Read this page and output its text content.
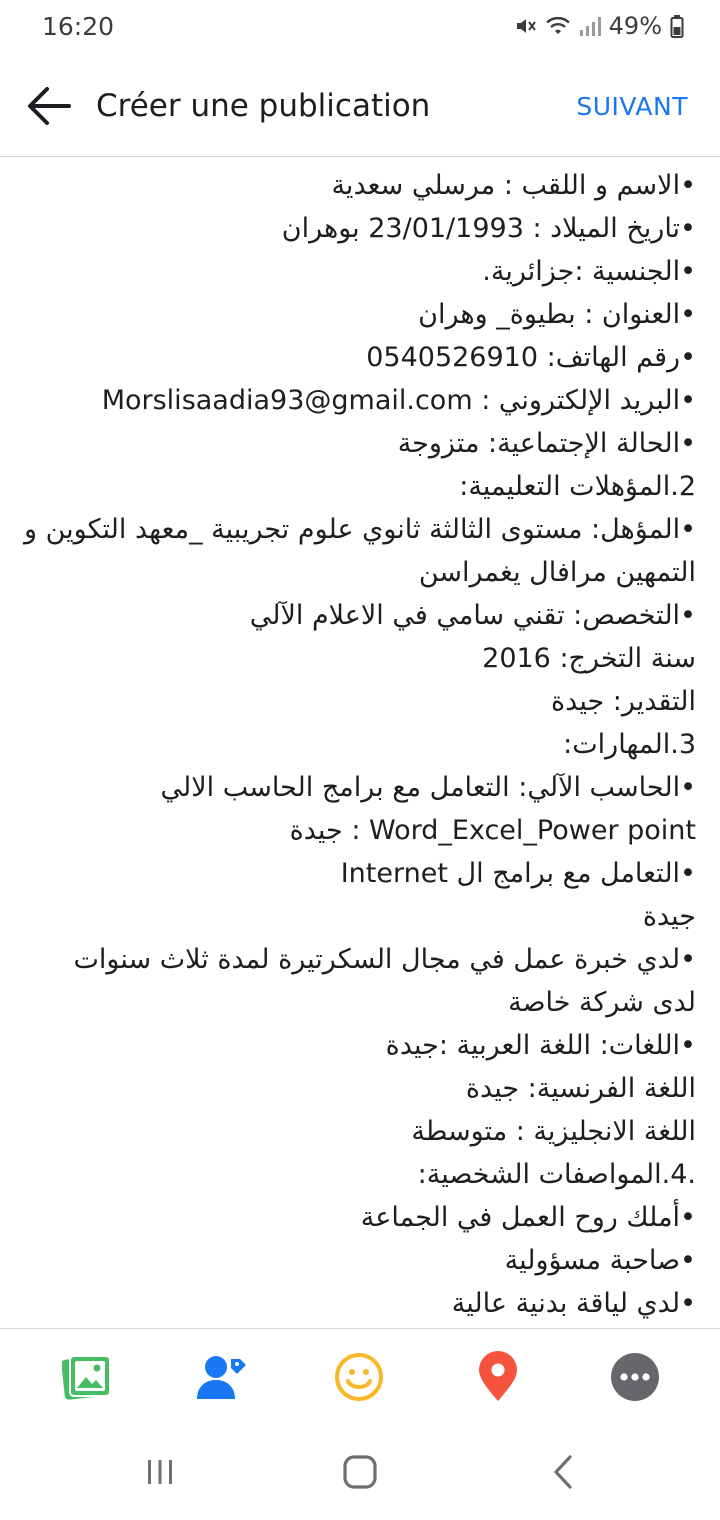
16:20	49%
Créer une publication	SUIVANT
•الاسم و اللقب : مرسلي سعدية
•تاريخ الميلاد : 23/01/1993 بوهران
•الجنسية :جزائرية.
•العنوان : بطيوة_ وهران
•رقم الهاتف: 0540526910
•البريد الإلكتروني : Morslisaadia93@gmail.com
•الحالة الإجتماعية: متزوجة
2.المؤهلات التعليمية:
•المؤهل: مستوى الثالثة ثانوي علوم تجريبية _معهد التكوين و التمهين مرافال يغمراسن
•التخصص: تقني سامي في الاعلام الآلي
سنة التخرج: 2016
التقدير: جيدة
3.المهارات:
•الحاسب الآلي: التعامل مع برامج الحاسب الالي
Word_Excel_Power point : جيدة
•التعامل مع برامج ال Internet
جيدة
•لدي خبرة عمل في مجال السكرتيرة لمدة ثلاث سنوات لدى شركة خاصة
•اللغات: اللغة العربية :جيدة
اللغة الفرنسية: جيدة
اللغة الانجليزية : متوسطة
.4.المواصفات الشخصية:
•أملك روح العمل في الجماعة
•صاحبة مسؤولية
•لدي لياقة بدنية عالية
